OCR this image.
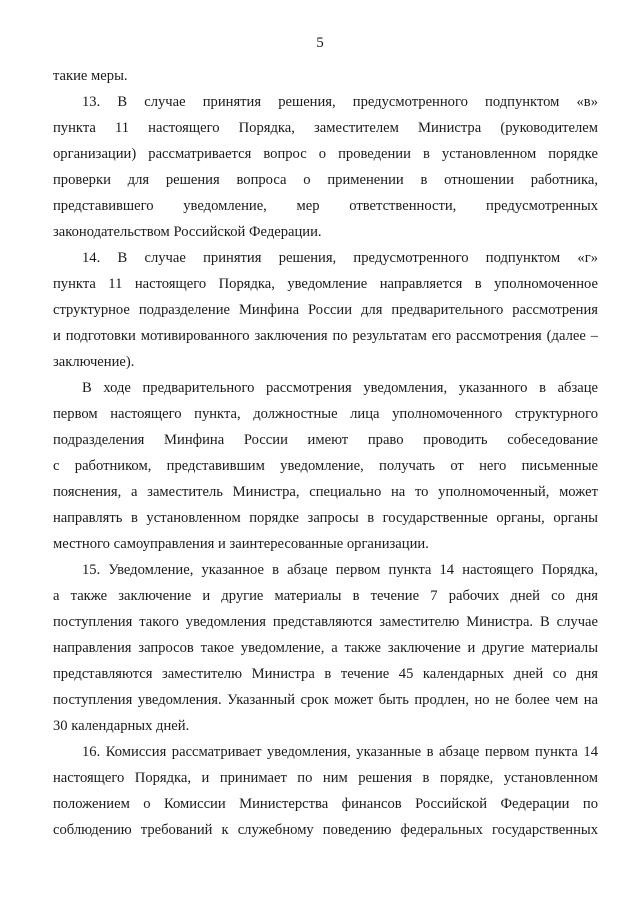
5
такие меры.
13. В случае принятия решения, предусмотренного подпунктом «в»
пункта 11 настоящего Порядка, заместителем Министра (руководителем
организации) рассматривается вопрос о проведении в установленном порядке
проверки для решения вопроса о применении в отношении работника,
представившего уведомление, мер ответственности, предусмотренных
законодательством Российской Федерации.
14. В случае принятия решения, предусмотренного подпунктом «г»
пункта 11 настоящего Порядка, уведомление направляется в уполномоченное
структурное подразделение Минфина России для предварительного рассмотрения
и подготовки мотивированного заключения по результатам его рассмотрения (далее –
заключение).
В ходе предварительного рассмотрения уведомления, указанного в абзаце
первом настоящего пункта, должностные лица уполномоченного структурного
подразделения Минфина России имеют право проводить собеседование
с работником, представившим уведомление, получать от него письменные
пояснения, а заместитель Министра, специально на то уполномоченный, может
направлять в установленном порядке запросы в государственные органы, органы
местного самоуправления и заинтересованные организации.
15. Уведомление, указанное в абзаце первом пункта 14 настоящего Порядка,
а также заключение и другие материалы в течение 7 рабочих дней со дня
поступления такого уведомления представляются заместителю Министра. В случае
направления запросов такое уведомление, а также заключение и другие материалы
представляются заместителю Министра в течение 45 календарных дней со дня
поступления уведомления. Указанный срок может быть продлен, но не более чем на
30 календарных дней.
16. Комиссия рассматривает уведомления, указанные в абзаце первом пункта 14
настоящего Порядка, и принимает по ним решения в порядке, установленном
положением о Комиссии Министерства финансов Российской Федерации по
соблюдению требований к служебному поведению федеральных государственных
